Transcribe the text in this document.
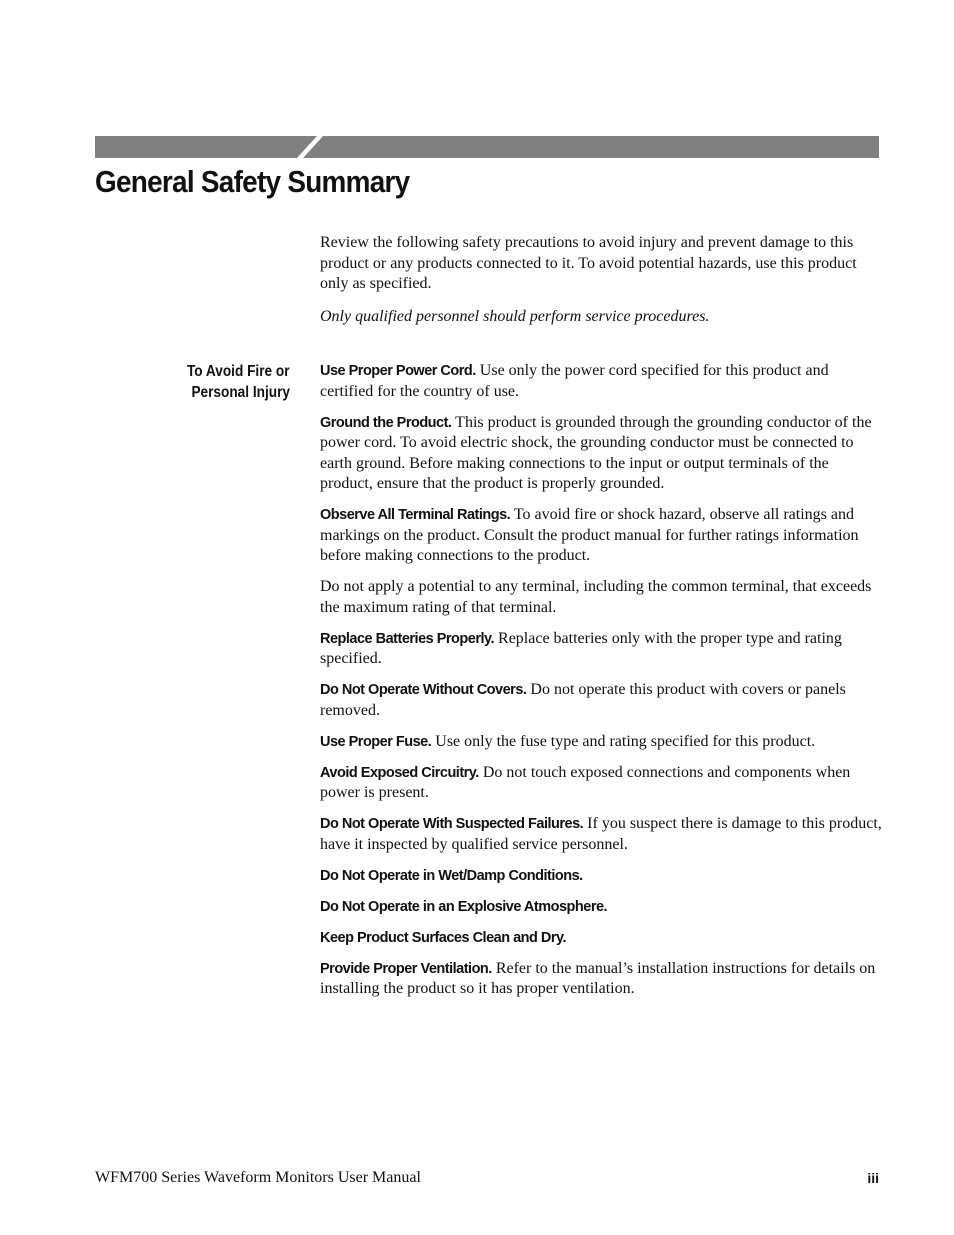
General Safety Summary

Review the following safety precautions to avoid injury and prevent damage to this product or any products connected to it. To avoid potential hazards, use this product only as specified.

Only qualified personnel should perform service procedures.

To Avoid Fire or
Personal Injury

Use Proper Power Cord. Use only the power cord specified for this product and certified for the country of use.

Ground the Product. This product is grounded through the grounding conductor of the power cord. To avoid electric shock, the grounding conductor must be connected to earth ground. Before making connections to the input or output terminals of the product, ensure that the product is properly grounded.

Observe All Terminal Ratings. To avoid fire or shock hazard, observe all ratings and markings on the product. Consult the product manual for further ratings information before making connections to the product.

Do not apply a potential to any terminal, including the common terminal, that exceeds the maximum rating of that terminal.

Replace Batteries Properly. Replace batteries only with the proper type and rating specified.

Do Not Operate Without Covers. Do not operate this product with covers or panels removed.

Use Proper Fuse. Use only the fuse type and rating specified for this product.

Avoid Exposed Circuitry. Do not touch exposed connections and components when power is present.

Do Not Operate With Suspected Failures. If you suspect there is damage to this product, have it inspected by qualified service personnel.

Do Not Operate in Wet/Damp Conditions.

Do Not Operate in an Explosive Atmosphere.

Keep Product Surfaces Clean and Dry.

Provide Proper Ventilation. Refer to the manual’s installation instructions for details on installing the product so it has proper ventilation.

WFM700 Series Waveform Monitors User Manual	iii
